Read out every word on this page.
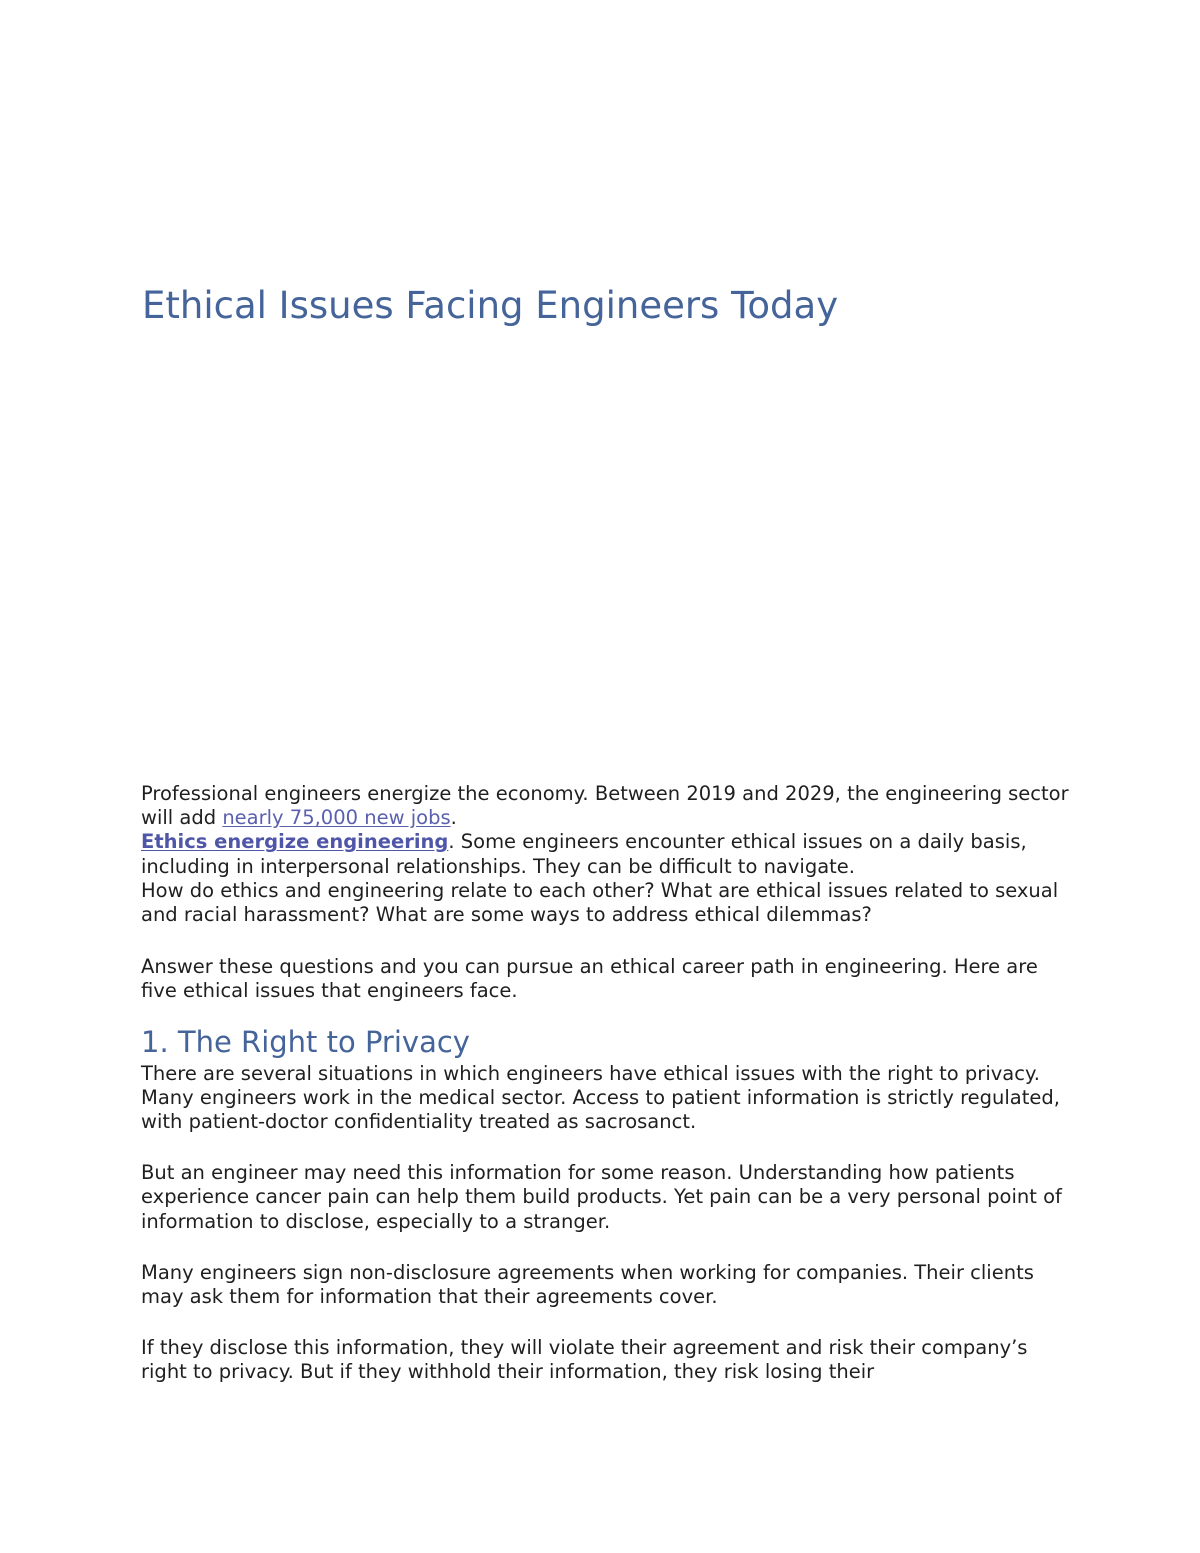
Ethical Issues Facing Engineers Today

Professional engineers energize the economy. Between 2019 and 2029, the engineering sector will add nearly 75,000 new jobs.

Ethics energize engineering. Some engineers encounter ethical issues on a daily basis, including in interpersonal relationships. They can be difficult to navigate.

How do ethics and engineering relate to each other? What are ethical issues related to sexual and racial harassment? What are some ways to address ethical dilemmas?

Answer these questions and you can pursue an ethical career path in engineering. Here are five ethical issues that engineers face.

1. The Right to Privacy

There are several situations in which engineers have ethical issues with the right to privacy. Many engineers work in the medical sector. Access to patient information is strictly regulated, with patient-doctor confidentiality treated as sacrosanct.

But an engineer may need this information for some reason. Understanding how patients experience cancer pain can help them build products. Yet pain can be a very personal point of information to disclose, especially to a stranger.

Many engineers sign non-disclosure agreements when working for companies. Their clients may ask them for information that their agreements cover.

If they disclose this information, they will violate their agreement and risk their company’s right to privacy. But if they withhold their information, they risk losing their
